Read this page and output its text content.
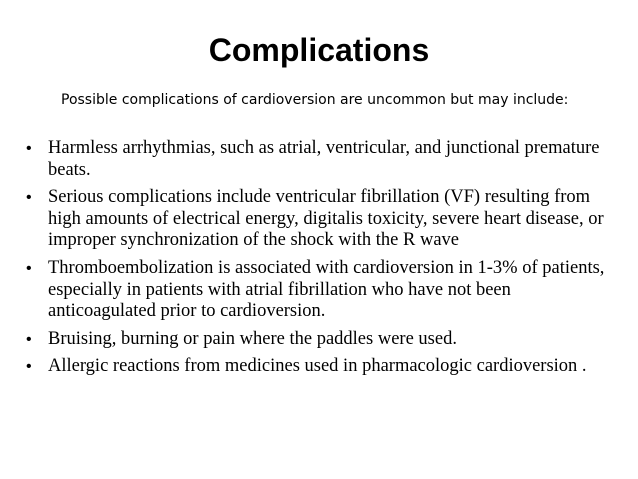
Complications

Possible complications of cardioversion are uncommon but may include:

• Harmless arrhythmias, such as atrial, ventricular, and junctional premature beats.
• Serious complications include ventricular fibrillation (VF) resulting from high amounts of electrical energy, digitalis toxicity, severe heart disease, or improper synchronization of the shock with the R wave
• Thromboembolization is associated with cardioversion in 1-3% of patients, especially in patients with atrial fibrillation who have not been anticoagulated prior to cardioversion.
• Bruising, burning or pain where the paddles were used.
• Allergic reactions from medicines used in pharmacologic cardioversion .
